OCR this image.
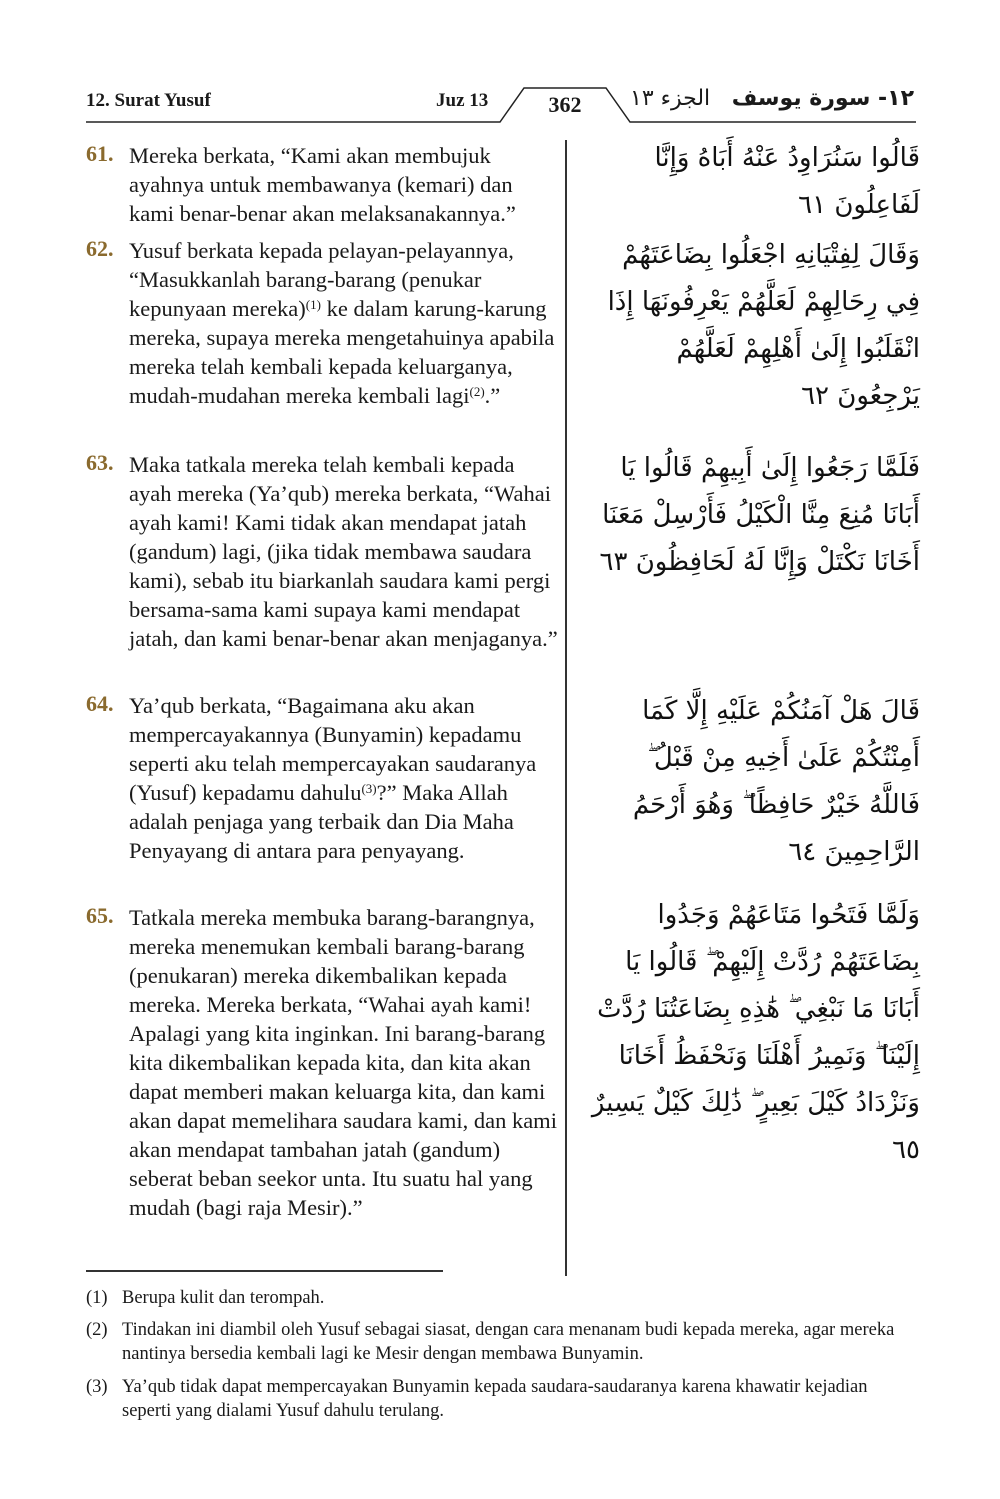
12. Surat Yusuf	Juz 13	362	الجزء ١٣ ١٢- سورة يوسف
61. Mereka berkata, “Kami akan membujuk ayahnya untuk membawanya (kemari) dan kami benar-benar akan melaksanakannya.”
قَالُوا سَنُرَاوِدُ عَنْهُ أَبَاهُ وَإِنَّا لَفَاعِلُونَ ٦١
62. Yusuf berkata kepada pelayan-pelayannya, “Masukkanlah barang-barang (penukar kepunyaan mereka)$^{(1)}$ ke dalam karung-karung mereka, supaya mereka mengetahuinya apabila mereka telah kembali kepada keluarganya, mudah-mudahan mereka kembali lagi$^{(2)}$.”
وَقَالَ لِفِتْيَانِهِ اجْعَلُوا بِضَاعَتَهُمْ فِي رِحَالِهِمْ لَعَلَّهُمْ يَعْرِفُونَهَا إِذَا انْقَلَبُوا إِلَىٰ أَهْلِهِمْ لَعَلَّهُمْ يَرْجِعُونَ ٦٢
63. Maka tatkala mereka telah kembali kepada ayah mereka (Ya’qub) mereka berkata, “Wahai ayah kami! Kami tidak akan mendapat jatah (gandum) lagi, (jika tidak membawa saudara kami), sebab itu biarkanlah saudara kami pergi bersama-sama kami supaya kami mendapat jatah, dan kami benar-benar akan menjaganya.”
فَلَمَّا رَجَعُوا إِلَىٰ أَبِيهِمْ قَالُوا يَا أَبَانَا مُنِعَ مِنَّا الْكَيْلُ فَأَرْسِلْ مَعَنَا أَخَانَا نَكْتَلْ وَإِنَّا لَهُ لَحَافِظُونَ ٦٣
64. Ya’qub berkata, “Bagaimana aku akan mempercayakannya (Bunyamin) kepadamu seperti aku telah mempercayakan saudaranya (Yusuf) kepadamu dahulu$^{(3)}$?” Maka Allah adalah penjaga yang terbaik dan Dia Maha Penyayang di antara para penyayang.
قَالَ هَلْ آمَنُكُمْ عَلَيْهِ إِلَّا كَمَا أَمِنْتُكُمْ عَلَىٰ أَخِيهِ مِنْ قَبْلُ ۖ فَاللَّهُ خَيْرٌ حَافِظًا ۖ وَهُوَ أَرْحَمُ الرَّاحِمِينَ ٦٤
65. Tatkala mereka membuka barang-barangnya, mereka menemukan kembali barang-barang (penukaran) mereka dikembalikan kepada mereka. Mereka berkata, “Wahai ayah kami! Apalagi yang kita inginkan. Ini barang-barang kita dikembalikan kepada kita, dan kita akan dapat memberi makan keluarga kita, dan kami akan dapat memelihara saudara kami, dan kami akan mendapat tambahan jatah (gandum) seberat beban seekor unta. Itu suatu hal yang mudah (bagi raja Mesir).”
وَلَمَّا فَتَحُوا مَتَاعَهُمْ وَجَدُوا بِضَاعَتَهُمْ رُدَّتْ إِلَيْهِمْ ۖ قَالُوا يَا أَبَانَا مَا نَبْغِي ۖ هَٰذِهِ بِضَاعَتُنَا رُدَّتْ إِلَيْنَا ۖ وَنَمِيرُ أَهْلَنَا وَنَحْفَظُ أَخَانَا وَنَزْدَادُ كَيْلَ بَعِيرٍ ۖ ذَٰلِكَ كَيْلٌ يَسِيرٌ ٦٥
(1) Berupa kulit dan terompah.
(2) Tindakan ini diambil oleh Yusuf sebagai siasat, dengan cara menanam budi kepada mereka, agar mereka nantinya bersedia kembali lagi ke Mesir dengan membawa Bunyamin.
(3) Ya’qub tidak dapat mempercayakan Bunyamin kepada saudara-saudaranya karena khawatir kejadian seperti yang dialami Yusuf dahulu terulang.
